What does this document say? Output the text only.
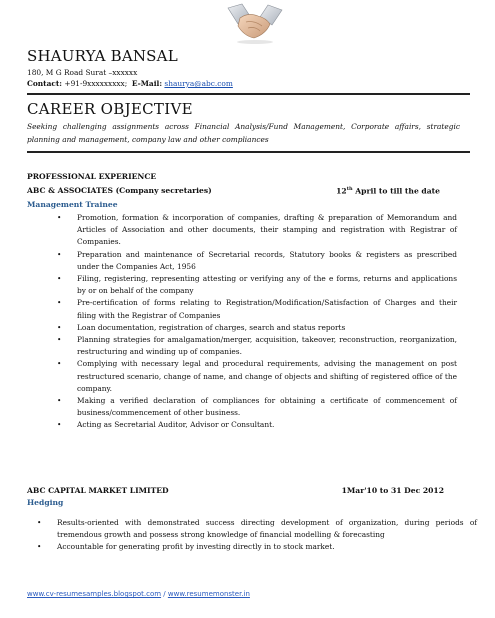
SHAURYA BANSAL
180, M G Road Surat –xxxxxx
Contact: +91-9xxxxxxxxx; E-Mail: shaurya@abc.com
CAREER OBJECTIVE
Seeking challenging assignments across Financial Analysis/Fund Management, Corporate affairs, strategic planning and management, company law and other compliances
PROFESSIONAL EXPERIENCE
ABC & ASSOCIATES (Company secretaries)	12th April to till the date
Management Trainee
• Promotion, formation & incorporation of companies, drafting & preparation of Memorandum and Articles of Association and other documents, their stamping and registration with Registrar of Companies.
• Preparation and maintenance of Secretarial records, Statutory books & registers as prescribed under the Companies Act, 1956
• Filing, registering, representing attesting or verifying any of the e forms, returns and applications by or on behalf of the company
• Pre-certification of forms relating to Registration/Modification/Satisfaction of Charges and their filing with the Registrar of Companies
• Loan documentation, registration of charges, search and status reports
• Planning strategies for amalgamation/merger, acquisition, takeover, reconstruction, reorganization, restructuring and winding up of companies.
• Complying with necessary legal and procedural requirements, advising the management on post restructured scenario, change of name, and change of objects and shifting of registered office of the company.
• Making a verified declaration of compliances for obtaining a certificate of commencement of business/commencement of other business.
• Acting as Secretarial Auditor, Advisor or Consultant.
ABC CAPITAL MARKET LIMITED	1Mar'10 to 31 Dec 2012
Hedging
• Results-oriented with demonstrated success directing development of organization, during periods of tremendous growth and possess strong knowledge of financial modelling & forecasting
• Accountable for generating profit by investing directly in to stock market.
www.cv-resumesamples.blogspot.com / www.resumemonster.in
